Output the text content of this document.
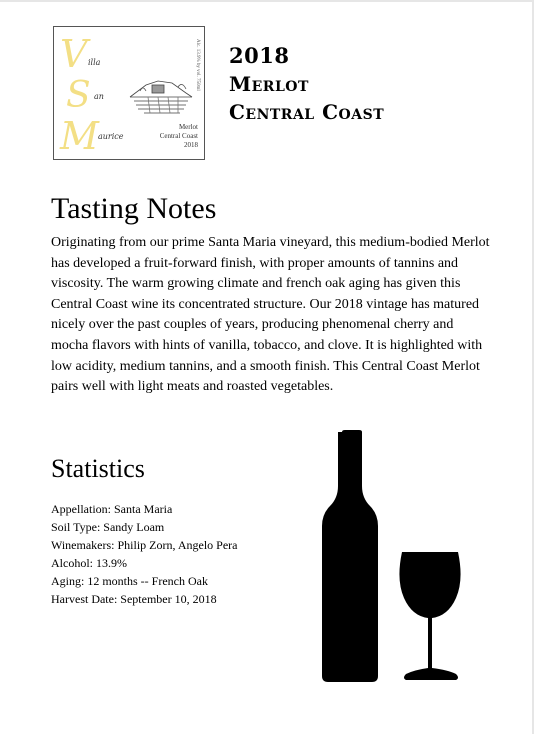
V
S
M
illa
an
aurice
Merlot
Central Coast
2018
Alc. 13.9% by vol. 750ml 2018
Merlot
Central Coast
Tasting Notes

Originating from our prime Santa Maria vineyard, this medium-bodied Merlot has developed a fruit-forward finish, with proper amounts of tannins and viscosity. The warm growing climate and french oak aging has given this Central Coast wine its concentrated structure. Our 2018 vintage has matured nicely over the past couples of years, producing phenomenal cherry and mocha flavors with hints of vanilla, tobacco, and clove. It is highlighted with low acidity, medium tannins, and a smooth finish. This Central Coast Merlot pairs well with light meats and roasted vegetables.

Statistics
Appellation: Santa Maria
Soil Type: Sandy Loam
Winemakers: Philip Zorn, Angelo Pera
Alcohol: 13.9%
Aging: 12 months -- French Oak
Harvest Date: September 10, 2018
